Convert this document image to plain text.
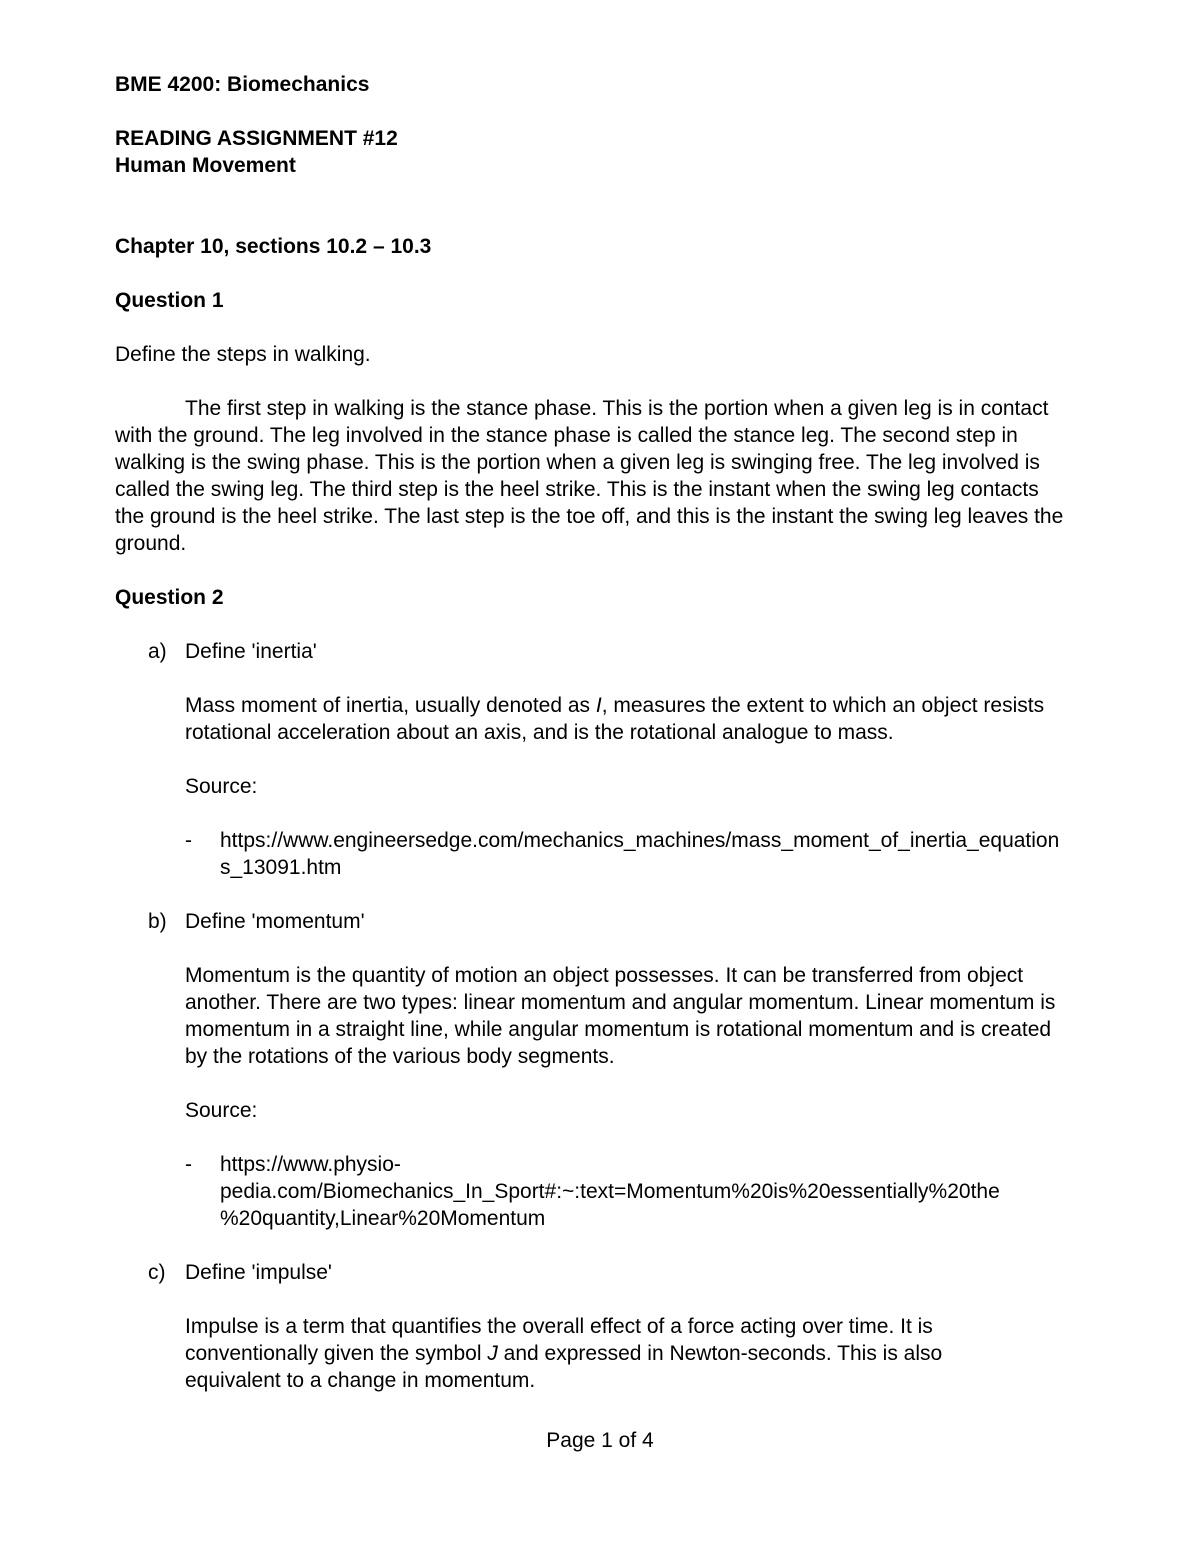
BME 4200: Biomechanics

READING ASSIGNMENT #12

Human Movement

Chapter 10, sections 10.2 – 10.3

Question 1

Define the steps in walking.

The first step in walking is the stance phase. This is the portion when a given leg is in contact with the ground. The leg involved in the stance phase is called the stance leg. The second step in walking is the swing phase. This is the portion when a given leg is swinging free. The leg involved is called the swing leg. The third step is the heel strike. This is the instant when the swing leg contacts the ground is the heel strike. The last step is the toe off, and this is the instant the swing leg leaves the ground.

Question 2

a) Define 'inertia'

Mass moment of inertia, usually denoted as I, measures the extent to which an object resists rotational acceleration about an axis, and is the rotational analogue to mass.

Source:

- https://www.engineersedge.com/mechanics_machines/mass_moment_of_inertia_equations_13091.htm
b) Define 'momentum'

Momentum is the quantity of motion an object possesses. It can be transferred from object another. There are two types: linear momentum and angular momentum. Linear momentum is momentum in a straight line, while angular momentum is rotational momentum and is created by the rotations of the various body segments.

Source:

- https://www.physio-
pedia.com/Biomechanics_In_Sport#:~:text=Momentum%20is%20essentially%20the
%20quantity,Linear%20Momentum
c) Define 'impulse'

Impulse is a term that quantifies the overall effect of a force acting over time. It is conventionally given the symbol J and expressed in Newton-seconds. This is also equivalent to a change in momentum.

Page 1 of 4
